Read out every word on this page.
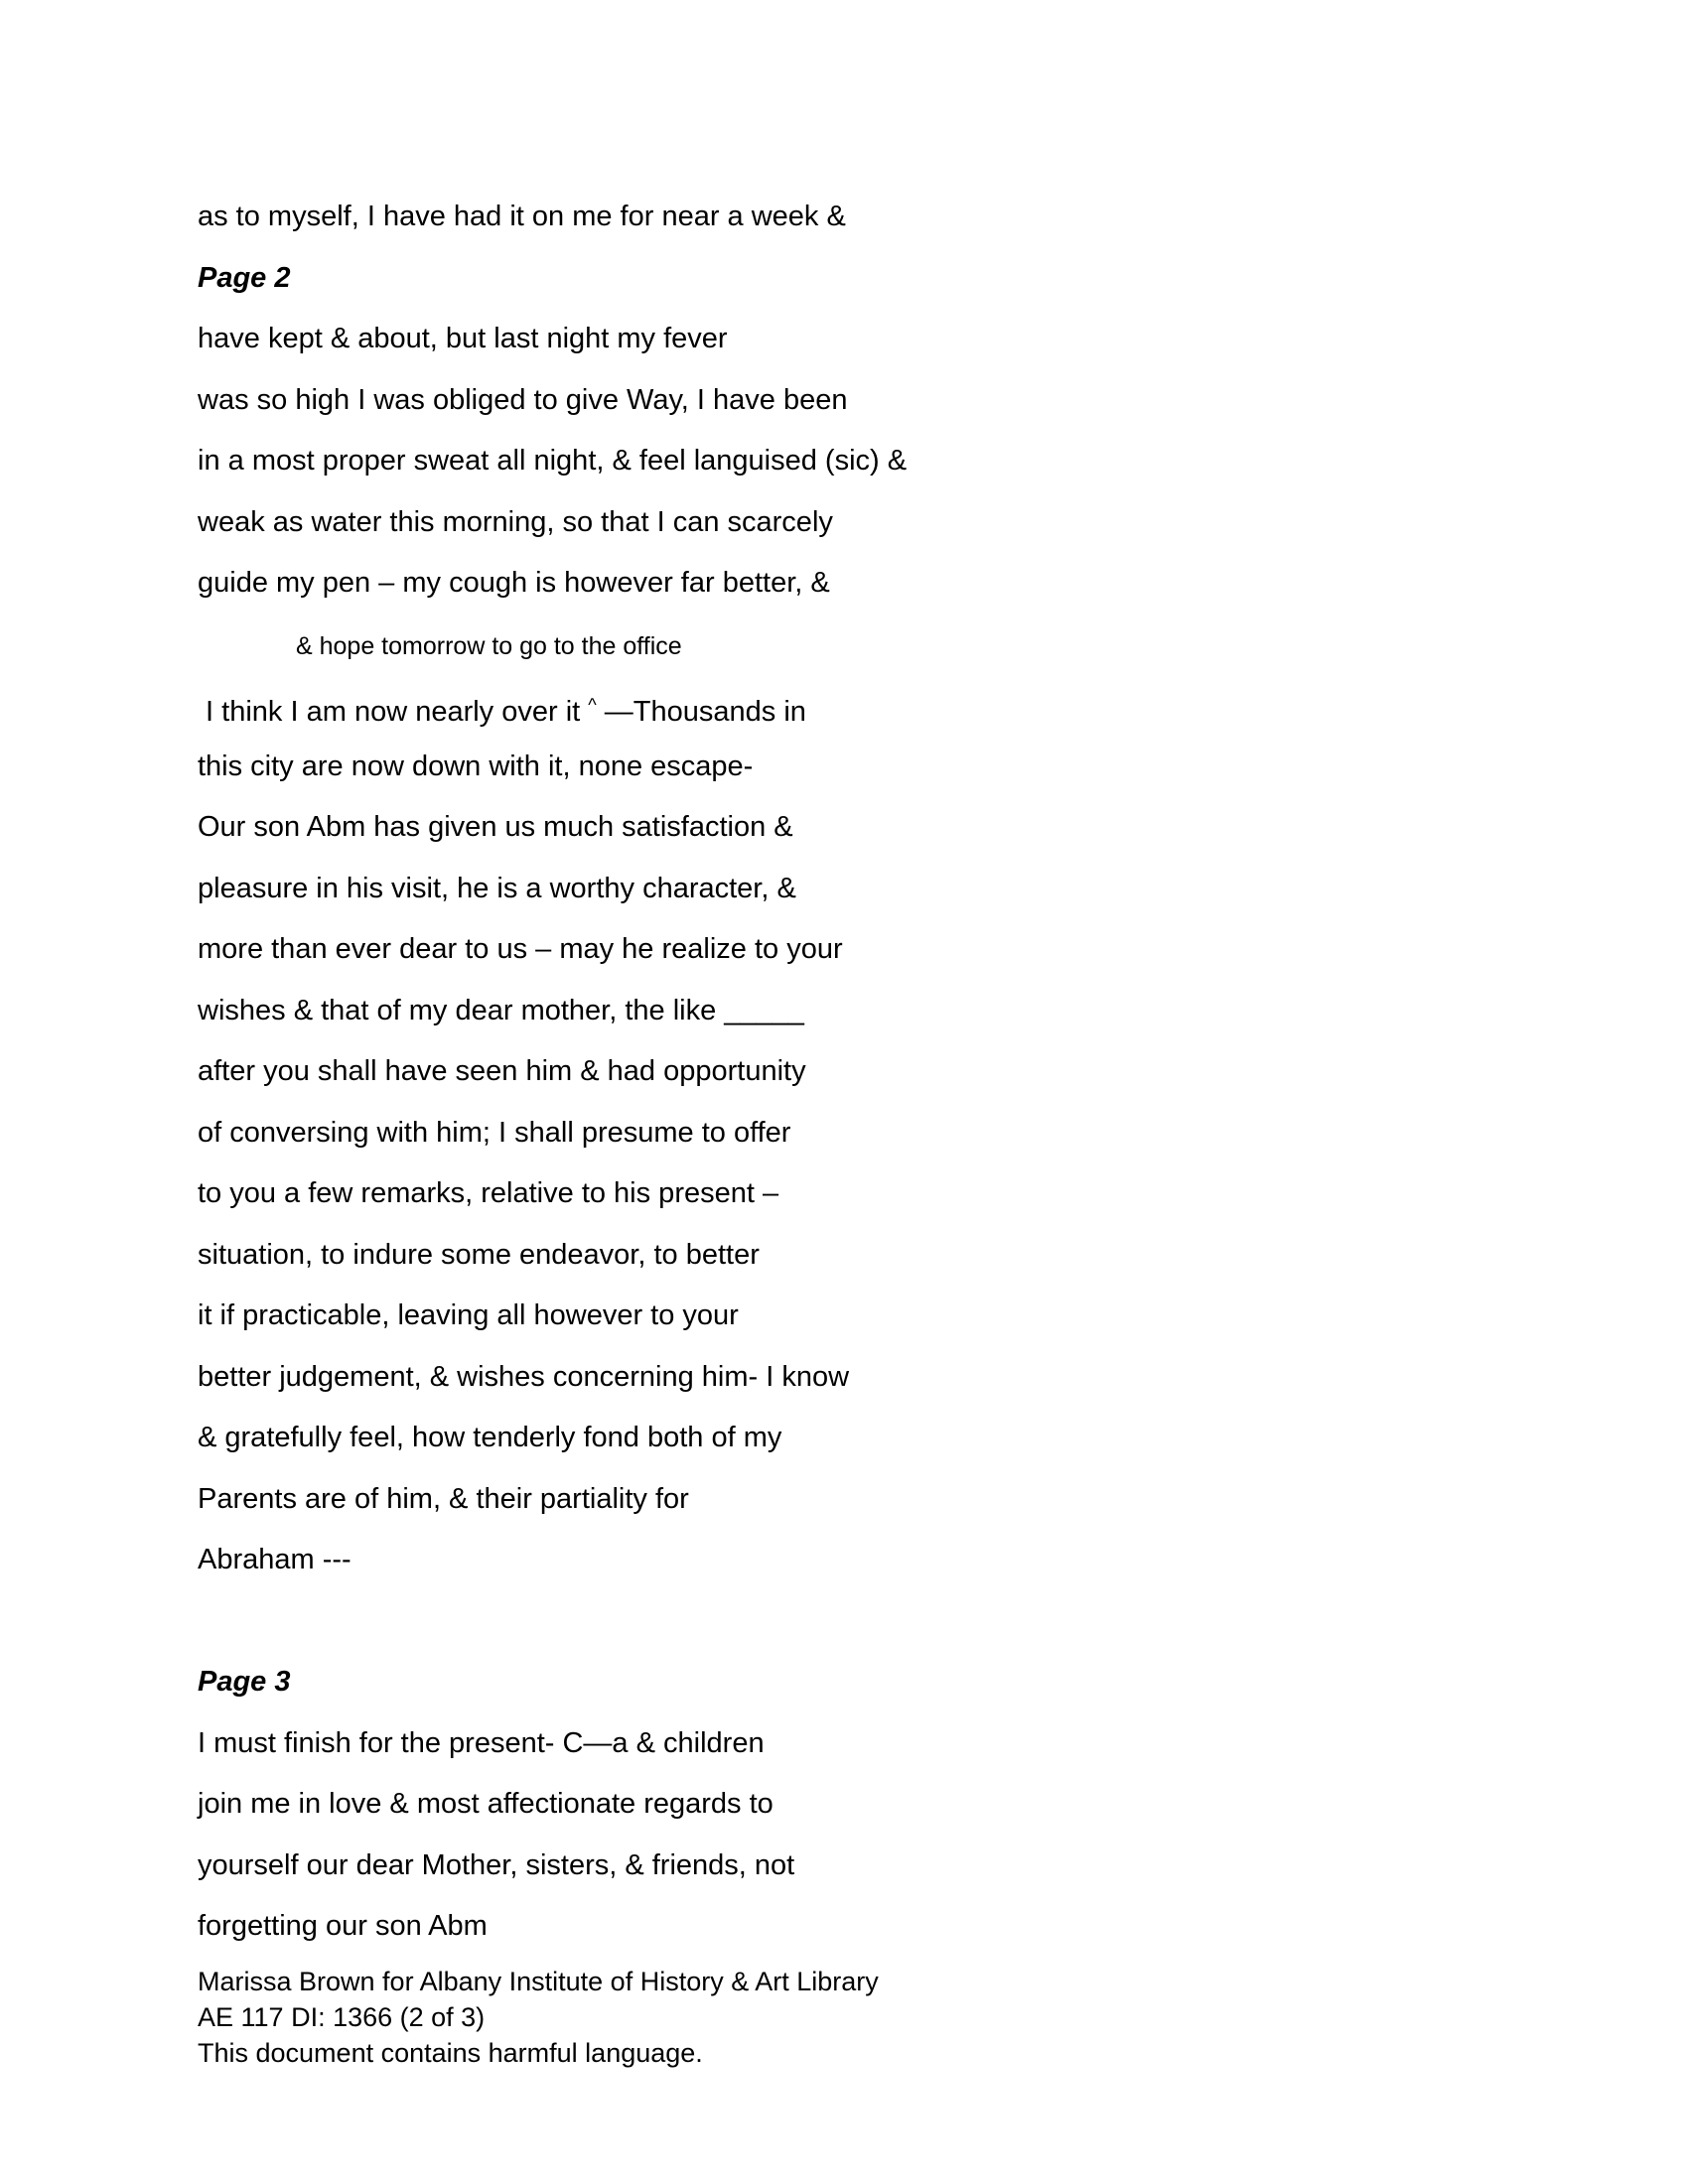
as to myself, I have had it on me for near a week &
Page 2
have kept & about, but last night my fever
was so high I was obliged to give Way, I have been
in a most proper sweat all night, & feel languised (sic) &
weak as water this morning, so that I can scarcely
guide my pen – my cough is however far better, &
& hope tomorrow to go to the office
I think I am now nearly over it ^ —Thousands in
this city are now down with it, none escape-
Our son Abm has given us much satisfaction &
pleasure in his visit, he is a worthy character, &
more than ever dear to us – may he realize to your
wishes & that of my dear mother, the like _____
after you shall have seen him & had opportunity
of conversing with him; I shall presume to offer
to you a few remarks, relative to his present –
situation, to indure some endeavor, to better
it if practicable, leaving all however to your
better judgement, & wishes concerning him- I know
& gratefully feel, how tenderly fond both of my
Parents are of him, & their partiality for
Abraham ---
Page 3
I must finish for the present- C—a & children
join me in love & most affectionate regards to
yourself our dear Mother, sisters, & friends, not
forgetting our son Abm
Marissa Brown for Albany Institute of History & Art Library
AE 117 DI: 1366 (2 of 3)
This document contains harmful language.
